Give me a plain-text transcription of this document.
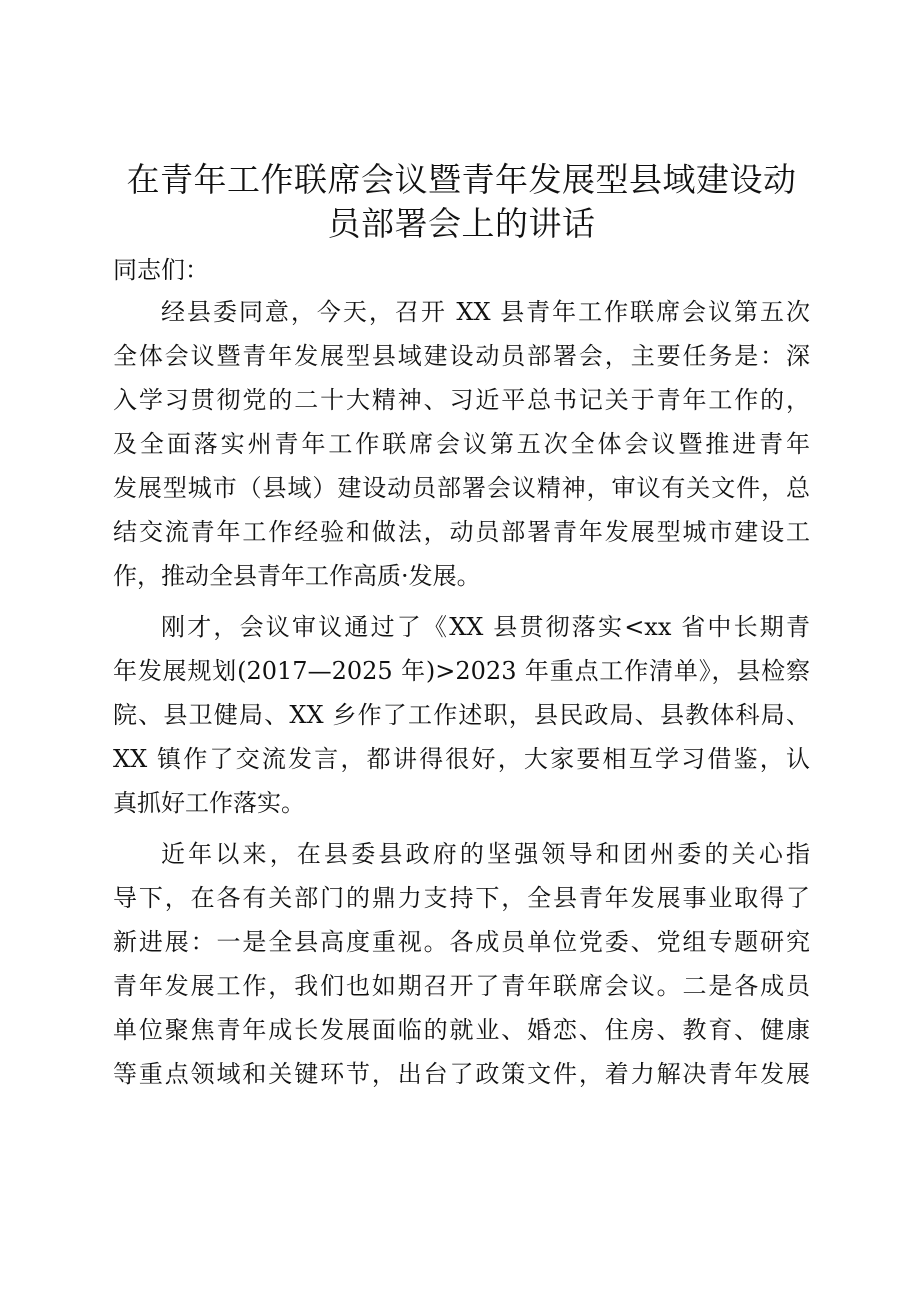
在青年工作联席会议暨青年发展型县域建设动
员部署会上的讲话

同志们：

经县委同意，今天，召开 XX 县青年工作联席会议第五次
全体会议暨青年发展型县域建设动员部署会，主要任务是：深
入学习贯彻党的二十大精神、习近平总书记关于青年工作的，
及全面落实州青年工作联席会议第五次全体会议暨推进青年
发展型城市（县域）建设动员部署会议精神，审议有关文件，总
结交流青年工作经验和做法，动员部署青年发展型城市建设工
作，推动全县青年工作高质·发展。
刚才，会议审议通过了《XX 县贯彻落实<xx 省中长期青
年发展规划(2017—2025 年)>2023 年重点工作清单》，县检察
院、县卫健局、XX 乡作了工作述职，县民政局、县教体科局、
XX 镇作了交流发言，都讲得很好，大家要相互学习借鉴，认
真抓好工作落实。
近年以来，在县委县政府的坚强领导和团州委的关心指
导下，在各有关部门的鼎力支持下，全县青年发展事业取得了
新进展：一是全县高度重视。各成员单位党委、党组专题研究
青年发展工作，我们也如期召开了青年联席会议。二是各成员
单位聚焦青年成长发展面临的就业、婚恋、住房、教育、健康
等重点领域和关键环节，出台了政策文件，着力解决青年发展
